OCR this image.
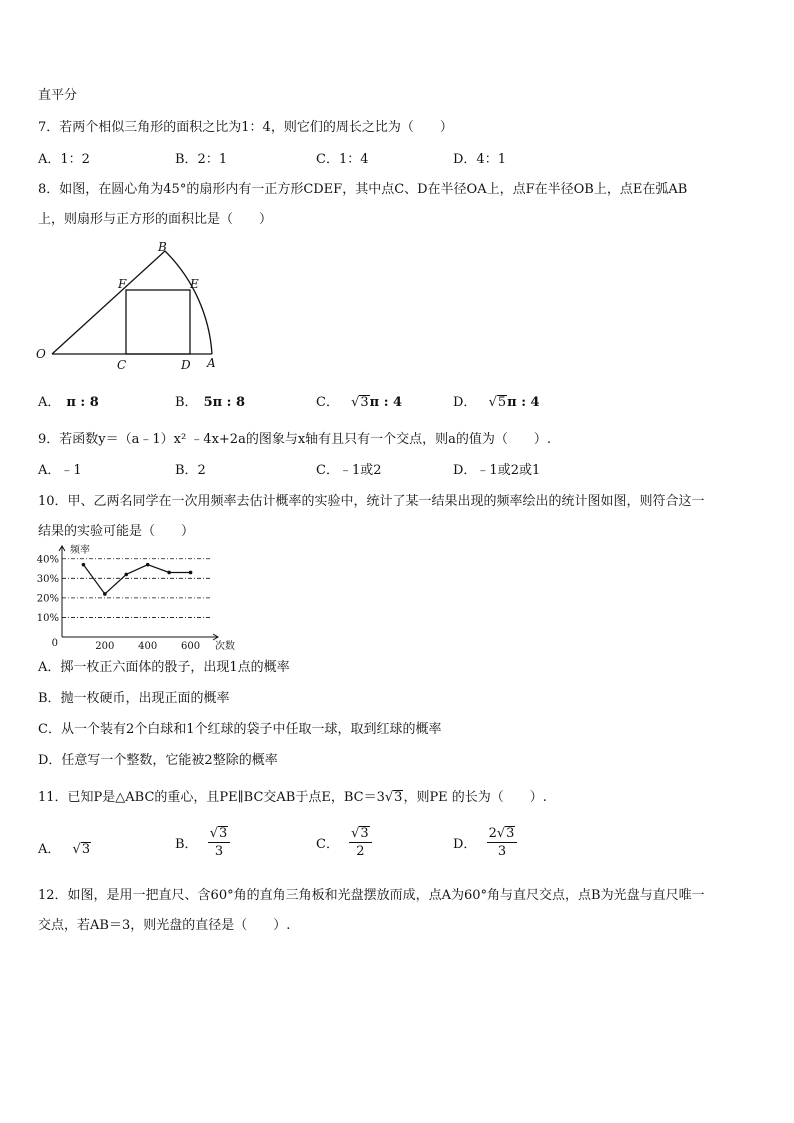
直平分
7．若两个相似三角形的面积之比为1：4，则它们的周长之比为（　　）
A．1：2	B．2：1	C．1：4	D．4：1
8．如图，在圆心角为45°的扇形内有一正方形CDEF，其中点C、D在半径OA上，点F在半径OB上，点E在弧AB
上，则扇形与正方形的面积比是（　　）
B
F	E
O
C	D A
A． π : 8	B． 5π : 8	C． √3π : 4	D． √5π : 4
9．若函数y＝（a﹣1）x² ﹣4x+2a的图象与x轴有且只有一个交点，则a的值为（　　）.
A．﹣1	B．2	C．﹣1或2	D．﹣1或2或1
10．甲、乙两名同学在一次用频率去估计概率的实验中，统计了某一结果出现的频率绘出的统计图如图，则符合这一
结果的实验可能是（　　）
40%
30%
20%
10%
200 400 600
0
频率
次数
A．掷一枚正六面体的骰子，出现1点的概率
B．抛一枚硬币，出现正面的概率
C．从一个装有2个白球和1个红球的袋子中任取一球，取到红球的概率
D．任意写一个整数，它能被2整除的概率
11．已知P是△ABC的重心，且PE∥BC交AB于点E，BC＝3√3，则PE 的长为（　　）.
A． √3	B． $\frac{√3}{3}$	C． $\frac{√3}{2}$	D． $\frac{2√3}{3}$
12．如图，是用一把直尺、含60°角的直角三角板和光盘摆放而成，点A为60°角与直尺交点，点B为光盘与直尺唯一
交点，若AB＝3，则光盘的直径是（　　）.
